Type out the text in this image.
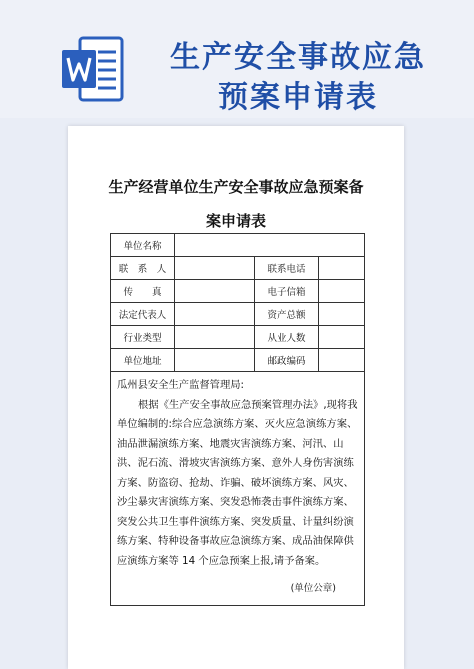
生产安全事故应急
预案申请表
生产经营单位生产安全事故应急预案备
案申请表
单位名称			
联　系　人		联系电话	
传　　真		电子信箱	
法定代表人		资产总额	
行业类型		从业人数	
单位地址		邮政编码	

瓜州县安全生产监督管理局:

根据《生产安全事故应急预案管理办法》,现将我单位编制的:综合应急演练方案、灭火应急演练方案、油品泄漏演练方案、地震灾害演练方案、河汛、山洪、泥石流、滑坡灾害演练方案、意外人身伤害演练方案、防盗窃、抢劫、诈骗、破坏演练方案、风灾、沙尘暴灾害演练方案、突发恐怖袭击事件演练方案、突发公共卫生事件演练方案、突发质量、计量纠纷演练方案、特种设备事故应急演练方案、成品油保障供应演练方案等 14 个应急预案上报,请予备案。

(单位公章)			
